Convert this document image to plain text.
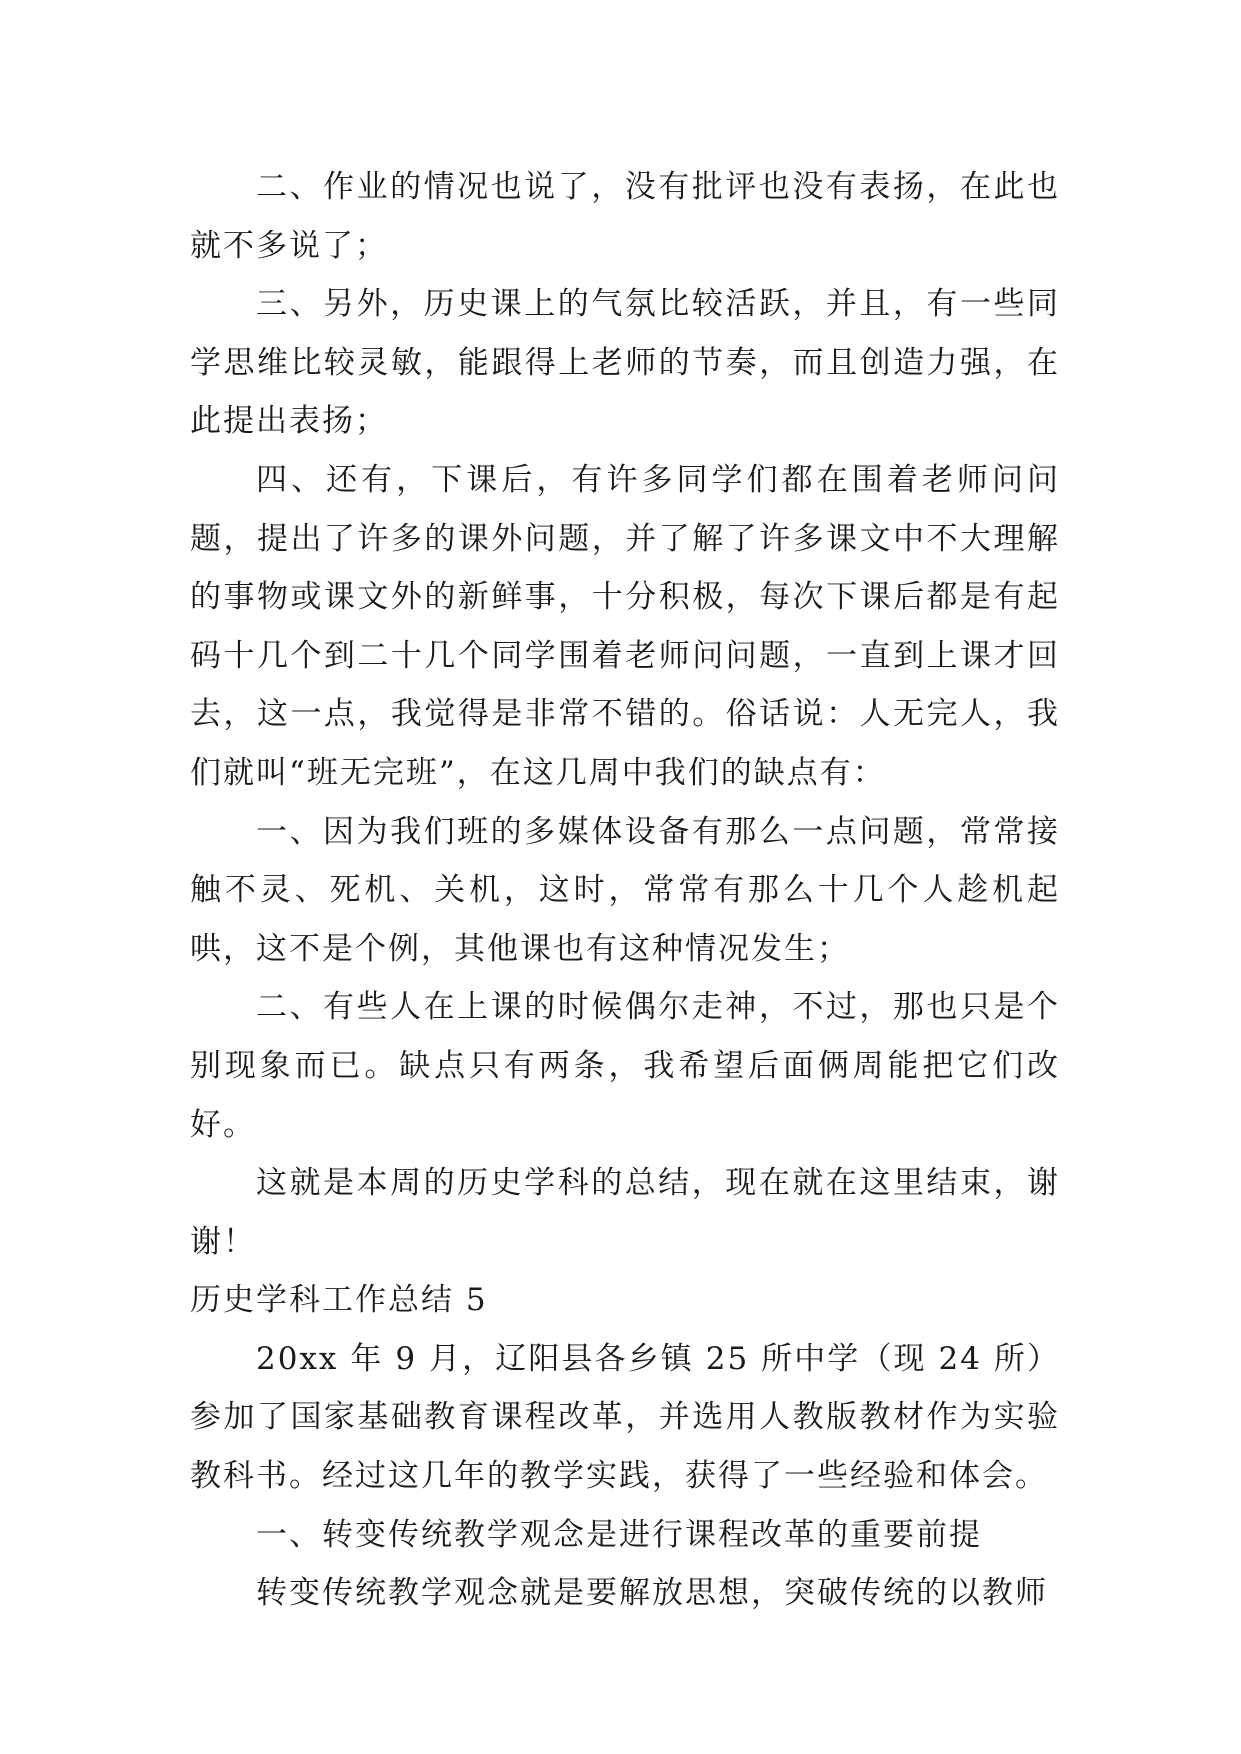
二、作业的情况也说了，没有批评也没有表扬，在此也就不多说了；

三、另外，历史课上的气氛比较活跃，并且，有一些同学思维比较灵敏，能跟得上老师的节奏，而且创造力强，在此提出表扬；

四、还有，下课后，有许多同学们都在围着老师问问题，提出了许多的课外问题，并了解了许多课文中不大理解的事物或课文外的新鲜事，十分积极，每次下课后都是有起码十几个到二十几个同学围着老师问问题，一直到上课才回去，这一点，我觉得是非常不错的。俗话说：人无完人，我们就叫“班无完班”，在这几周中我们的缺点有：

一、因为我们班的多媒体设备有那么一点问题，常常接触不灵、死机、关机，这时，常常有那么十几个人趁机起哄，这不是个例，其他课也有这种情况发生；

二、有些人在上课的时候偶尔走神，不过，那也只是个别现象而已。缺点只有两条，我希望后面俩周能把它们改好。

这就是本周的历史学科的总结，现在就在这里结束，谢谢！

历史学科工作总结 5

20xx 年 9 月，辽阳县各乡镇 25 所中学（现 24 所）参加了国家基础教育课程改革，并选用人教版教材作为实验教科书。经过这几年的教学实践，获得了一些经验和体会。

一、转变传统教学观念是进行课程改革的重要前提

转变传统教学观念就是要解放思想，突破传统的以教师
